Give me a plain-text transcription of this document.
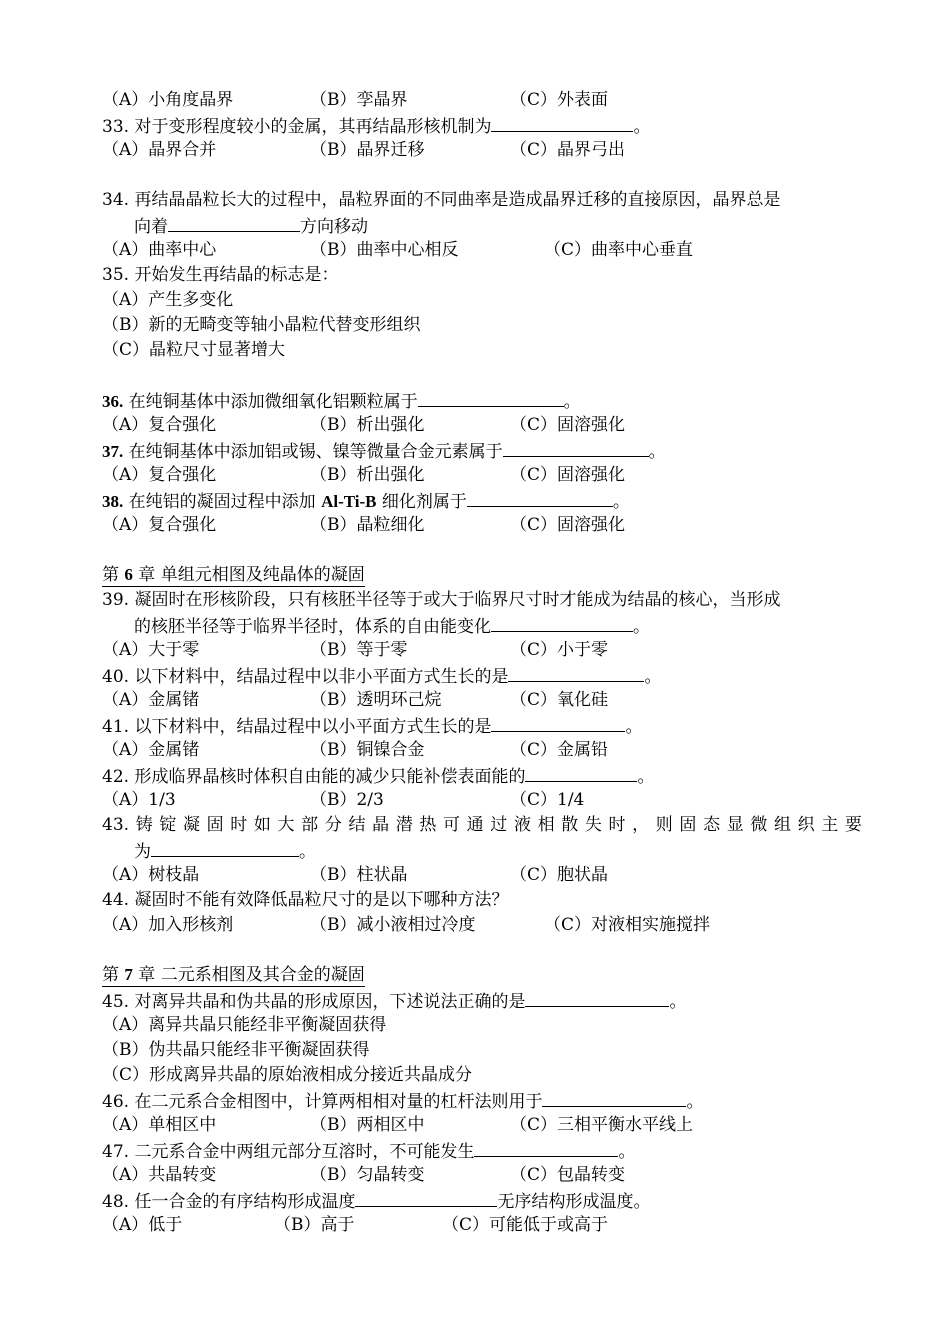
（A）小角度晶界	（B）孪晶界	（C）外表面
33. 对于变形程度较小的金属，其再结晶形核机制为	。
（A）晶界合并	（B）晶界迁移	（C）晶界弓出
34. 再结晶晶粒长大的过程中，晶粒界面的不同曲率是造成晶界迁移的直接原因，晶界总是
向着	方向移动
（A）曲率中心	（B）曲率中心相反	（C）曲率中心垂直
35. 开始发生再结晶的标志是：
（A）产生多变化
（B）新的无畸变等轴小晶粒代替变形组织
（C）晶粒尺寸显著增大
36. 在纯铜基体中添加微细氧化铝颗粒属于	。
（A）复合强化	（B）析出强化	（C）固溶强化
37. 在纯铜基体中添加铝或锡、镍等微量合金元素属于	。
（A）复合强化	（B）析出强化	（C）固溶强化
38. 在纯铝的凝固过程中添加 Al-Ti-B 细化剂属于	。
（A）复合强化	（B）晶粒细化	（C）固溶强化
第 6 章 单组元相图及纯晶体的凝固
39. 凝固时在形核阶段，只有核胚半径等于或大于临界尺寸时才能成为结晶的核心，当形成
的核胚半径等于临界半径时，体系的自由能变化	。
（A）大于零	（B）等于零	（C）小于零
40. 以下材料中，结晶过程中以非小平面方式生长的是	。
（A）金属锗	（B）透明环己烷	（C）氧化硅
41. 以下材料中，结晶过程中以小平面方式生长的是	。
（A）金属锗	（B）铜镍合金	（C）金属铅
42. 形成临界晶核时体积自由能的减少只能补偿表面能的	。
（A）1/3	（B）2/3	（C）1/4
43. 铸 锭 凝 固 时 如 大 部 分 结 晶 潜 热 可 通 过 液 相 散 失 时 ， 则 固 态 显 微 组 织 主 要
为	。
（A）树枝晶	（B）柱状晶	（C）胞状晶
44. 凝固时不能有效降低晶粒尺寸的是以下哪种方法？
（A）加入形核剂	（B）减小液相过冷度	（C）对液相实施搅拌
第 7 章 二元系相图及其合金的凝固
45. 对离异共晶和伪共晶的形成原因，下述说法正确的是	。
（A）离异共晶只能经非平衡凝固获得
（B）伪共晶只能经非平衡凝固获得
（C）形成离异共晶的原始液相成分接近共晶成分
46. 在二元系合金相图中，计算两相相对量的杠杆法则用于	。
（A）单相区中	（B）两相区中	（C）三相平衡水平线上
47. 二元系合金中两组元部分互溶时，不可能发生	。
（A）共晶转变	（B）匀晶转变	（C）包晶转变
48. 任一合金的有序结构形成温度	无序结构形成温度。
（A）低于	（B）高于	（C）可能低于或高于
